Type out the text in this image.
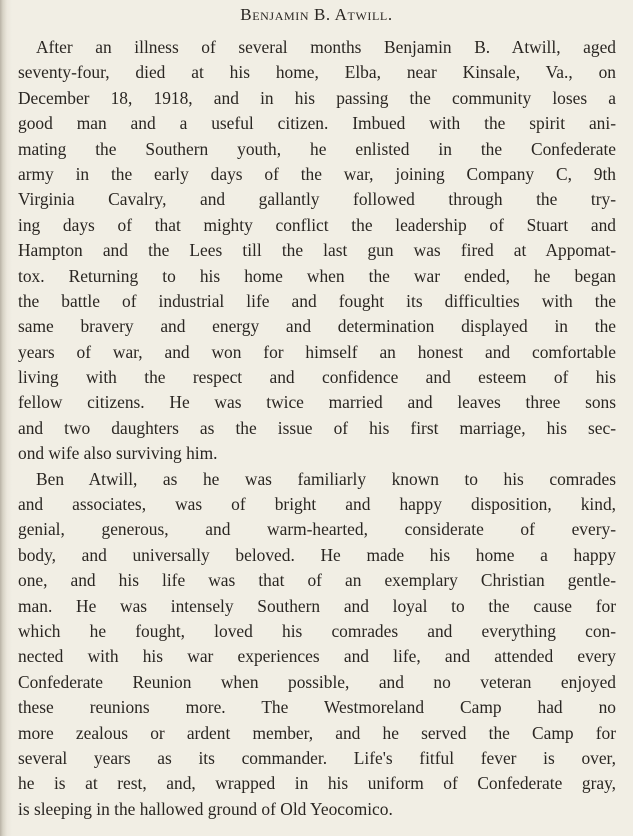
Benjamin B. Atwill.
After an illness of several months Benjamin B. Atwill, aged
seventy-four, died at his home, Elba, near Kinsale, Va., on
December 18, 1918, and in his passing the community loses a
good man and a useful citizen. Imbued with the spirit ani-
mating the Southern youth, he enlisted in the Confederate
army in the early days of the war, joining Company C, 9th
Virginia Cavalry, and gallantly followed through the try-
ing days of that mighty conflict the leadership of Stuart and
Hampton and the Lees till the last gun was fired at Appomat-
tox. Returning to his home when the war ended, he began
the battle of industrial life and fought its difficulties with the
same bravery and energy and determination displayed in the
years of war, and won for himself an honest and comfortable
living with the respect and confidence and esteem of his
fellow citizens. He was twice married and leaves three sons
and two daughters as the issue of his first marriage, his sec-
ond wife also surviving him.
Ben Atwill, as he was familiarly known to his comrades
and associates, was of bright and happy disposition, kind,
genial, generous, and warm-hearted, considerate of every-
body, and universally beloved. He made his home a happy
one, and his life was that of an exemplary Christian gentle-
man. He was intensely Southern and loyal to the cause for
which he fought, loved his comrades and everything con-
nected with his war experiences and life, and attended every
Confederate Reunion when possible, and no veteran enjoyed
these reunions more. The Westmoreland Camp had no
more zealous or ardent member, and he served the Camp for
several years as its commander. Life's fitful fever is over,
he is at rest, and, wrapped in his uniform of Confederate gray,
is sleeping in the hallowed ground of Old Yeocomico.
